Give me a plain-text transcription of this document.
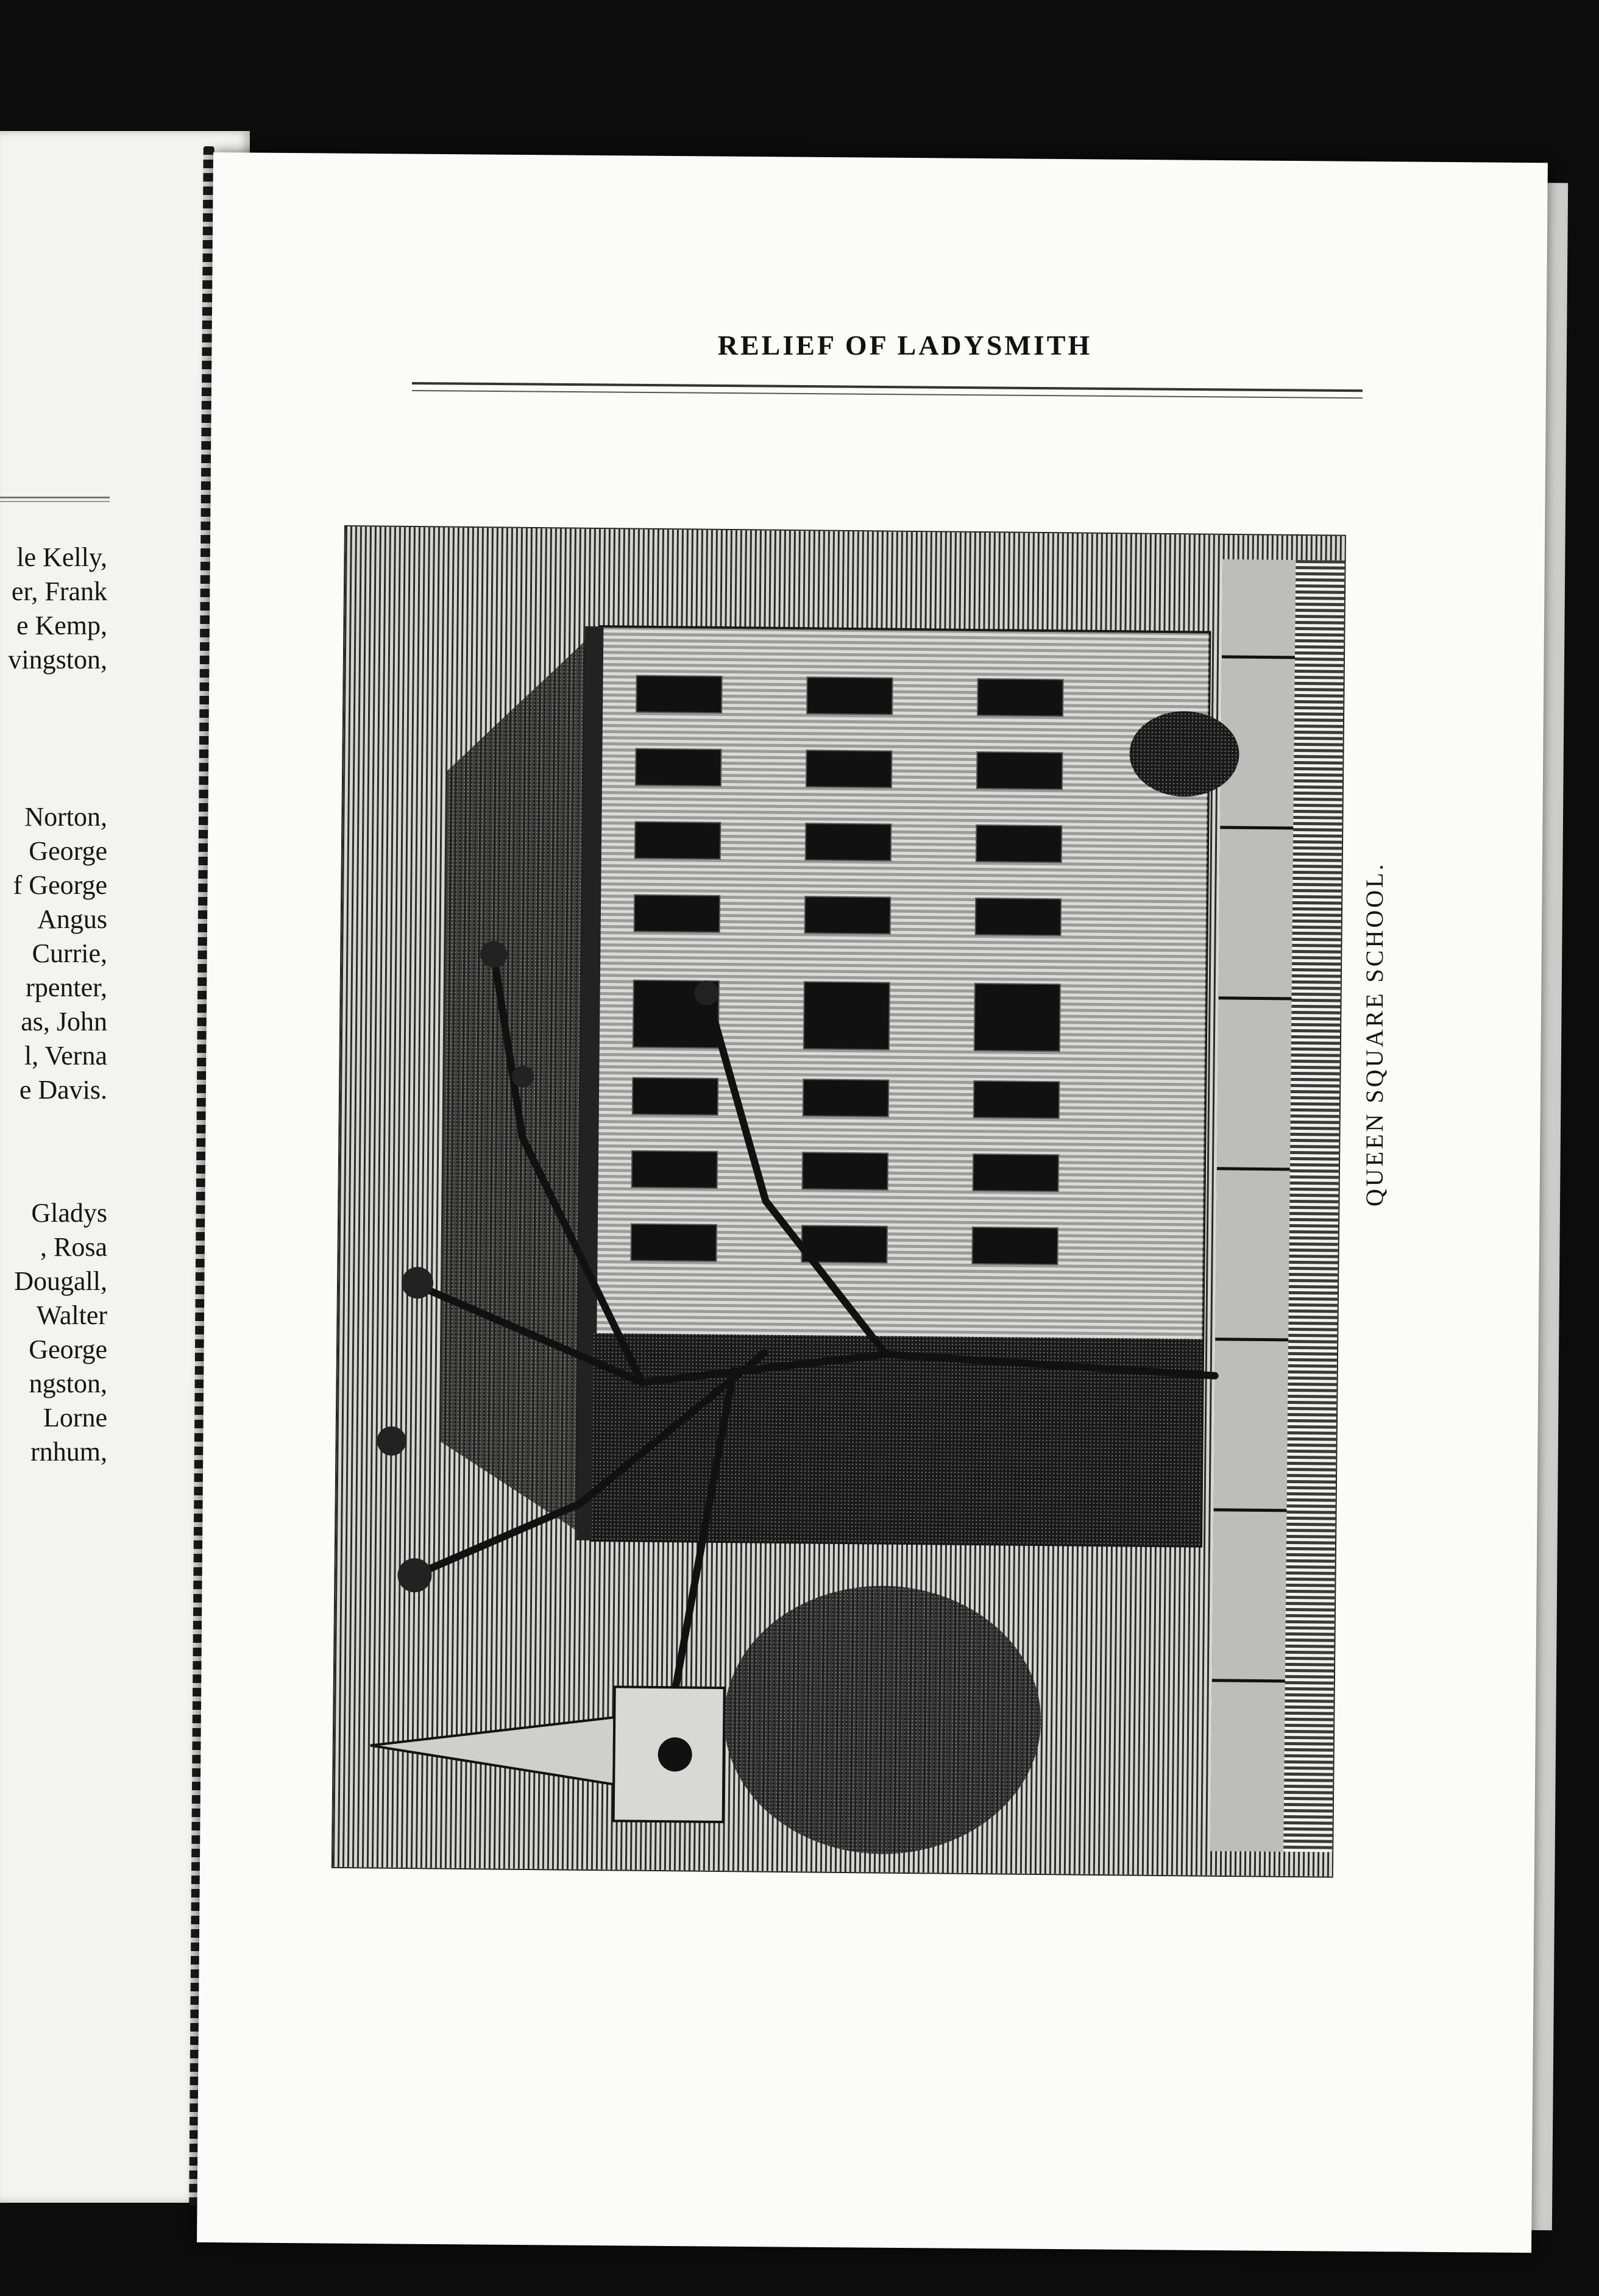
le Kelly,
er, Frank
e Kemp,
vingston,
Norton,
George
f George
Angus
Currie,
rpenter,
as, John
l, Verna
e Davis.
Gladys
, Rosa
Dougall,
Walter
George
ngston,
Lorne
rnhum,
RELIEF OF LADYSMITH
QUEEN SQUARE SCHOOL.
